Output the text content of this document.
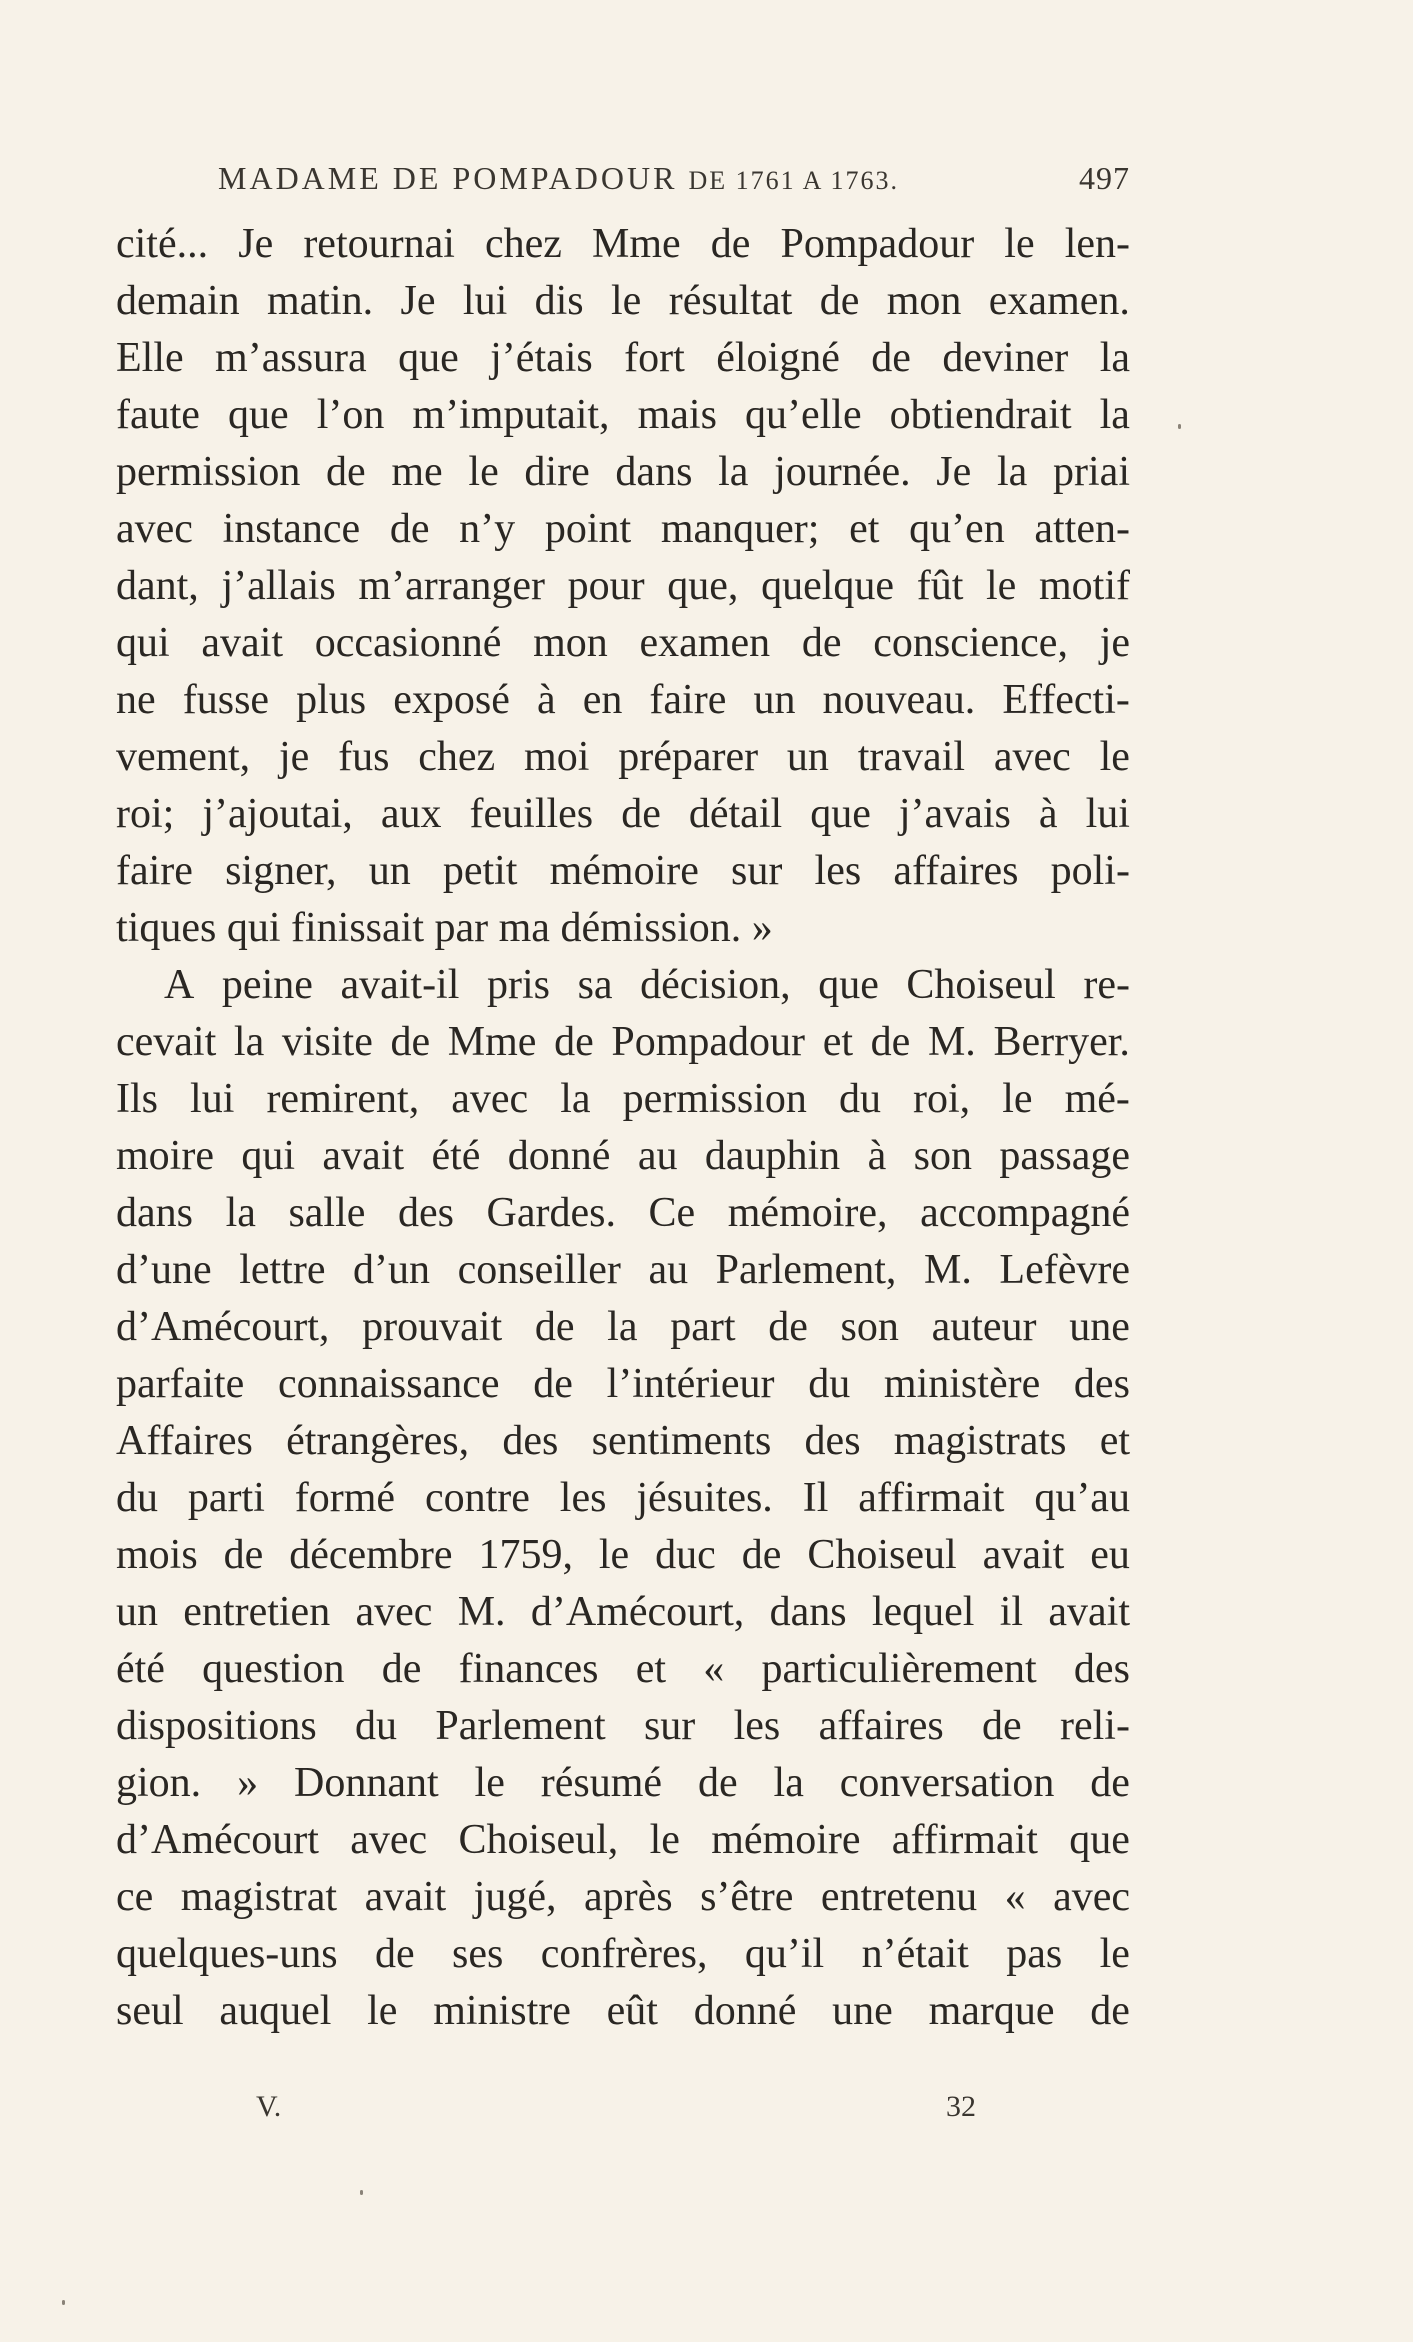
MADAME DE POMPADOUR DE 1761 A 1763.	497
cité... Je retournai chez Mme de Pompadour le len-
demain matin. Je lui dis le résultat de mon examen.
Elle m’assura que j’étais fort éloigné de deviner la
faute que l’on m’imputait, mais qu’elle obtiendrait la
permission de me le dire dans la journée. Je la priai
avec instance de n’y point manquer; et qu’en atten-
dant, j’allais m’arranger pour que, quelque fût le motif
qui avait occasionné mon examen de conscience, je
ne fusse plus exposé à en faire un nouveau. Effecti-
vement, je fus chez moi préparer un travail avec le
roi; j’ajoutai, aux feuilles de détail que j’avais à lui
faire signer, un petit mémoire sur les affaires poli-
tiques
qui
finissait
par
ma
démission.
»

A peine avait-il pris sa décision, que Choiseul re-
cevait la visite de Mme de Pompadour et de M. Berryer.
Ils lui remirent, avec la permission du roi, le mé-
moire qui avait été donné au dauphin à son passage
dans la salle des Gardes. Ce mémoire, accompagné
d’une lettre d’un conseiller au Parlement, M. Lefèvre
d’Amécourt, prouvait de la part de son auteur une
parfaite connaissance de l’intérieur du ministère des
Affaires étrangères, des sentiments des magistrats et
du parti formé contre les jésuites. Il affirmait qu’au
mois de décembre 1759, le duc de Choiseul avait eu
un entretien avec M. d’Amécourt, dans lequel il avait
été question de finances et « particulièrement des
dispositions du Parlement sur les affaires de reli-
gion. » Donnant le résumé de la conversation de
d’Amécourt avec Choiseul, le mémoire affirmait que
ce magistrat avait jugé, après s’être entretenu « avec
quelques-uns de ses confrères, qu’il n’était pas le
seul auquel le ministre eût donné une marque de
V.	32
